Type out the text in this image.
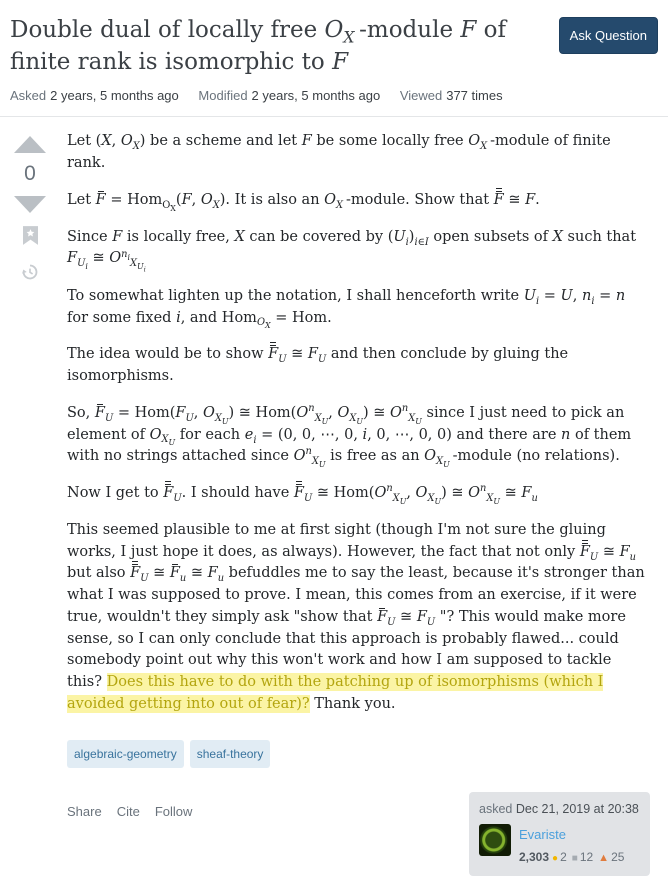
Double dual of locally free $O_X$ -module F of finite rank is isomorphic to F
Ask Question
Asked 2 years, 5 months ago Modified 2 years, 5 months ago Viewed 377 times
0

Let (X, $O_X$) be a scheme and let F be some locally free $O_X$ -module of finite rank.

Let F = Hom$_{O_X}$(F, $O_X$). It is also an $O_X$ -module. Show that F ≅ F.

Since F is locally free, X can be covered by $(U_i)_{i\in I}$ open subsets of X such that $F_{U_i}$ ≅ $O^{n_i}_{X_{U_i}}$

To somewhat lighten up the notation, I shall henceforth write $U_i = U$, $n_i = n$ for some fixed i, and Hom$_{O_X}$ = Hom.

The idea would be to show $F_U$ ≅ $F_U$ and then conclude by gluing the isomorphisms.

So, $F_U = Hom(F_U$, $O_{X_U}$) ≅ $Hom(O^n_{X_U}$, $O_{X_U}$) ≅ $O^n_{X_U}$ since I just need to pick an element of $O_{X_U}$ for each $e_i = (0$, 0, ⋯, 0, i, 0, ⋯, 0, 0) and there are n of them with no strings attached since $O^n_{X_U}$ is free as an $O_{X_U}$ -module (no relations).

Now I get to $F_U$. I should have $F_U$ ≅ $Hom(O^n_{X_U}$, $O_{X_U}$) ≅ $O^n_{X_U}$ ≅ $F_u$

This seemed plausible to me at first sight (though I'm not sure the gluing works, I just hope it does, as always). However, the fact that not only $F_U$ ≅ $F_u$ but also $F_U$ ≅ $F_u$ ≅ $F_u$ befuddles me to say the least, because it's stronger than what I was supposed to prove. I mean, this comes from an exercise, if it were true, wouldn't they simply ask "show that $F_U$ ≅ $F_U$ "? This would make more sense, so I can only conclude that this approach is probably flawed... could somebody point out why this won't work and how I am supposed to tackle this? Does this have to do with the patching up of isomorphisms (which I avoided getting into out of fear)? Thank you.

algebraic-geometry	sheaf-theory
Share Cite Follow	asked Dec 21, 2019 at 20:38
Evariste
2,303 ● 2 ■ 12 ▲ 25
